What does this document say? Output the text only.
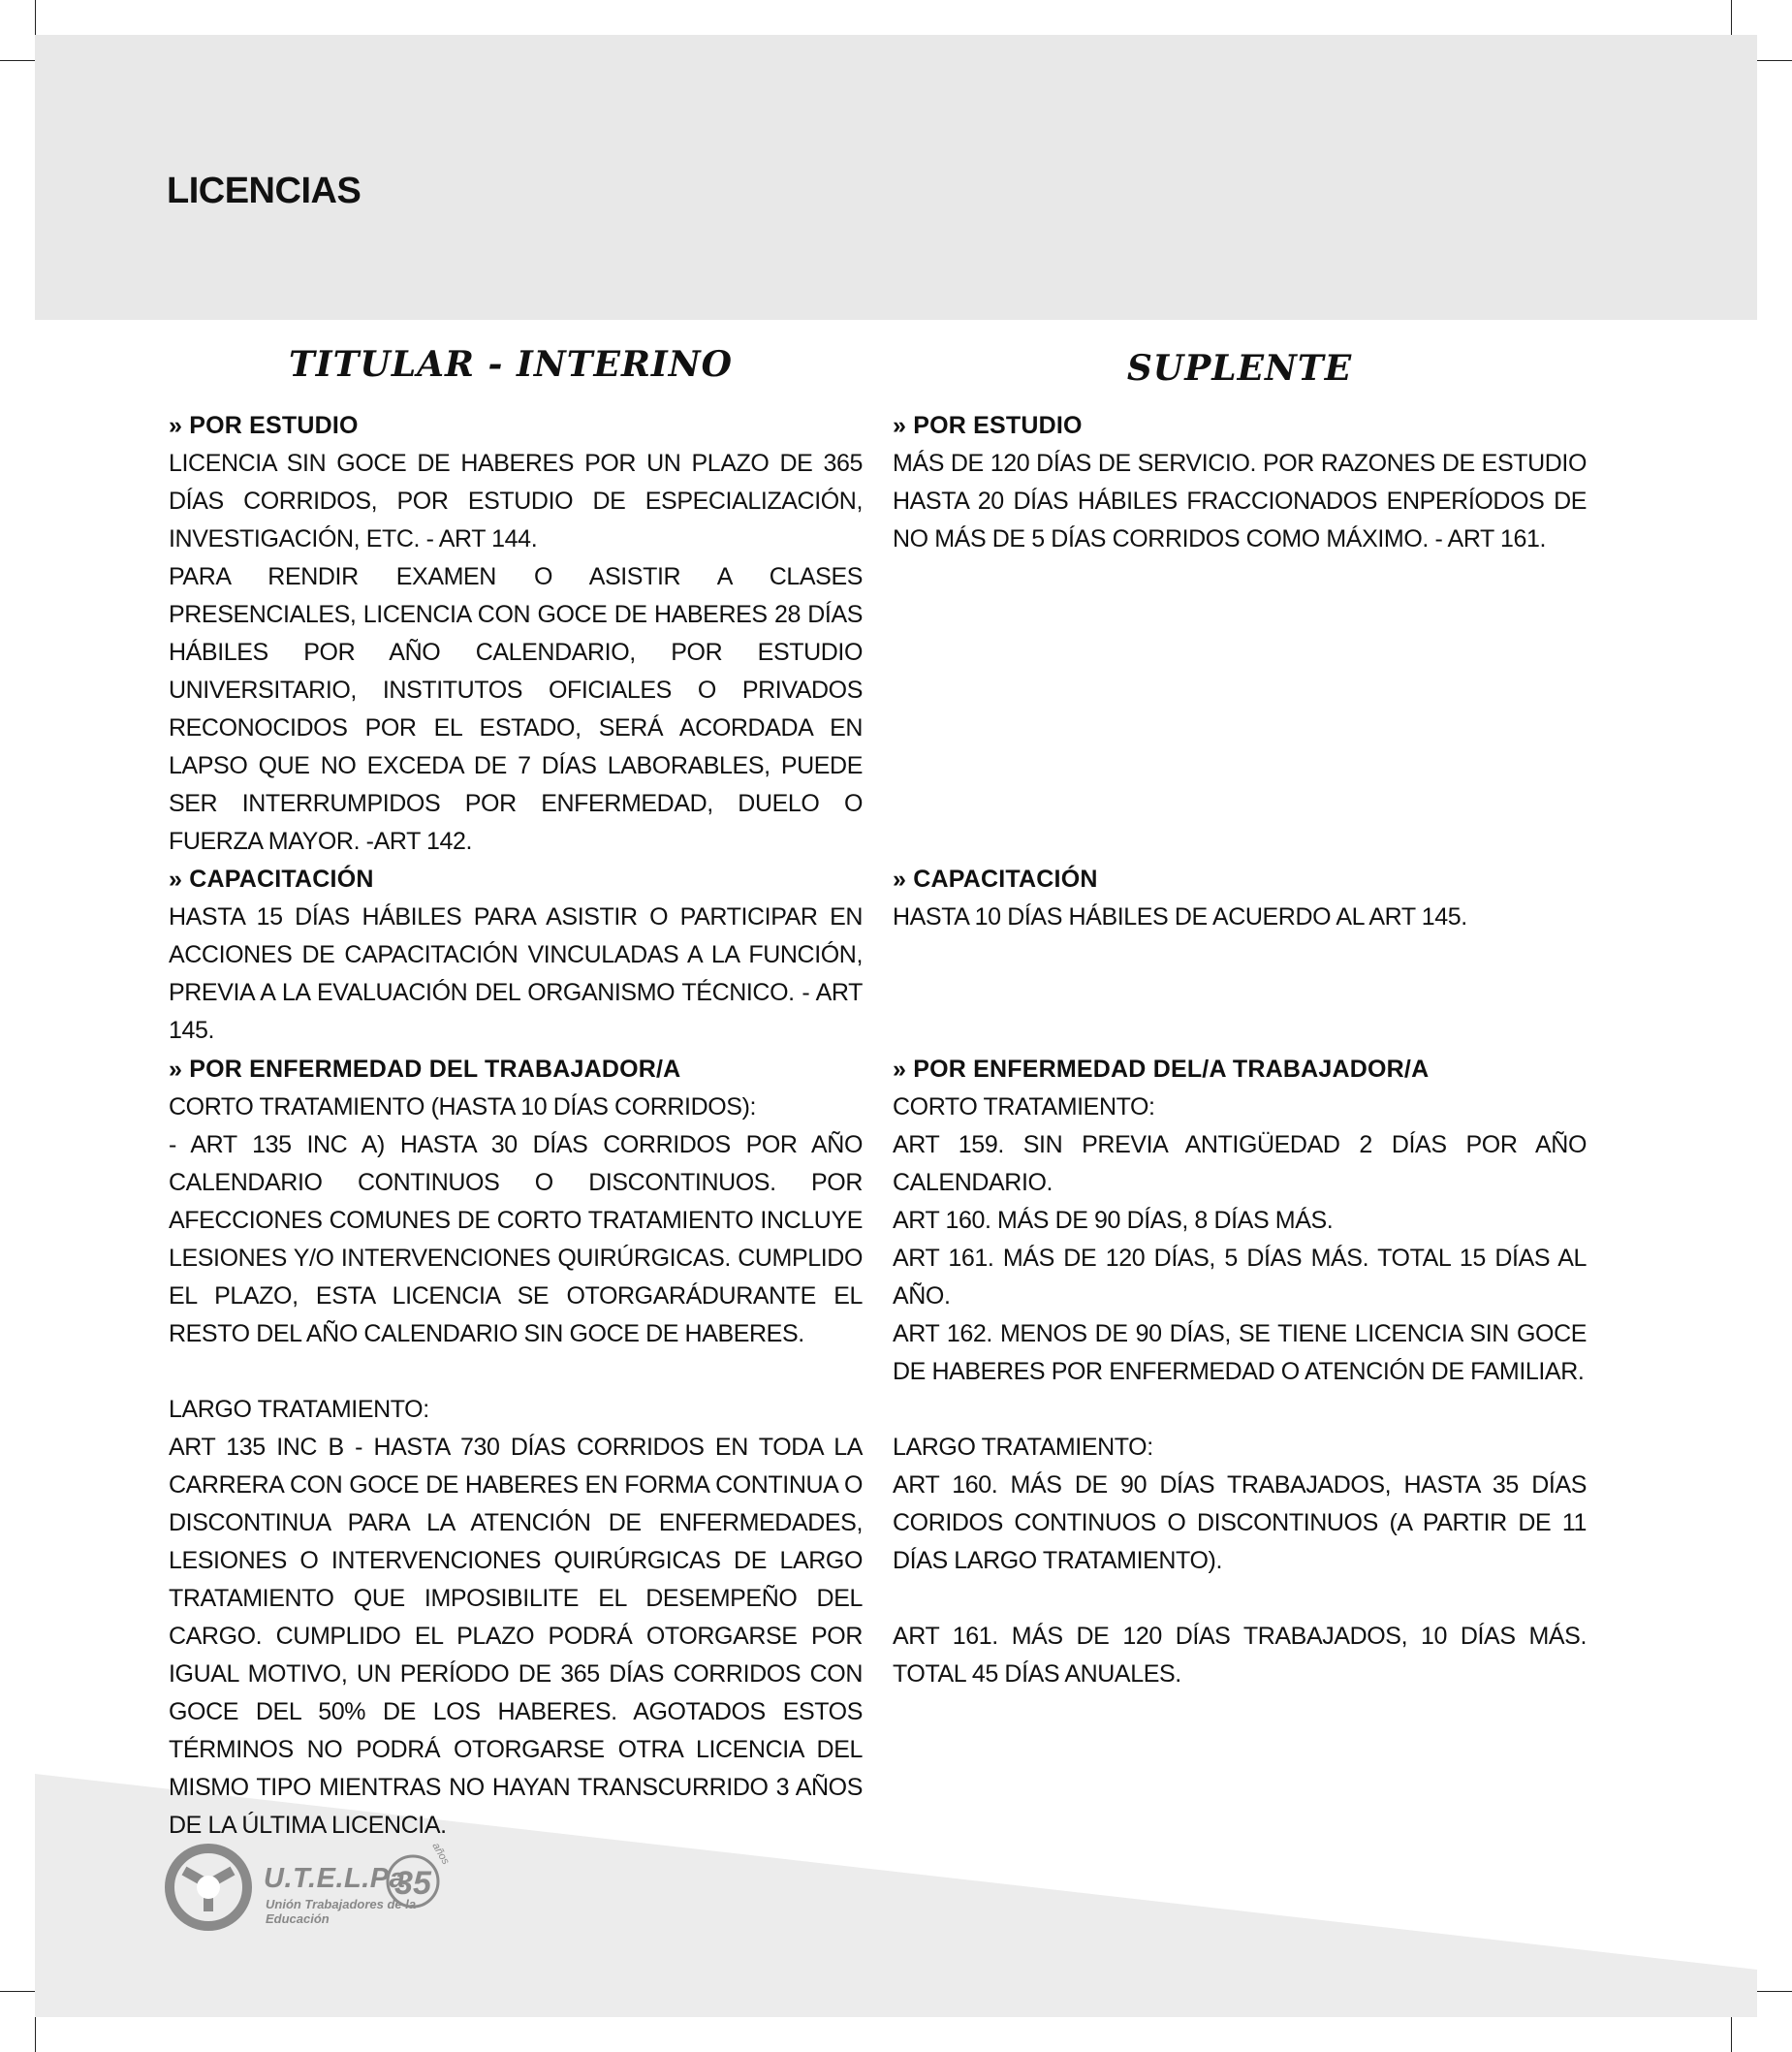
LICENCIAS
TITULAR - INTERINO
» POR ESTUDIO

LICENCIA SIN GOCE DE HABERES POR UN PLAZO DE 365 DÍAS CORRIDOS, POR ESTUDIO DE ESPECIALIZACIÓN, INVESTIGACIÓN, ETC. - ART 144.

PARA RENDIR EXAMEN O ASISTIR A CLASES PRESENCIALES, LICENCIA CON GOCE DE HABERES 28 DÍAS HÁBILES POR AÑO CALENDARIO, POR ESTUDIO UNIVERSITARIO, INSTITUTOS OFICIALES O PRIVADOS RECONOCIDOS POR EL ESTADO, SERÁ ACORDADA EN LAPSO QUE NO EXCEDA DE 7 DÍAS LABORABLES, PUEDE SER INTERRUMPIDOS POR ENFERMEDAD, DUELO O FUERZA MAYOR. -ART 142.

» CAPACITACIÓN

HASTA 15 DÍAS HÁBILES PARA ASISTIR O PARTICIPAR EN ACCIONES DE CAPACITACIÓN VINCULADAS A LA FUNCIÓN, PREVIA A LA EVALUACIÓN DEL ORGANISMO TÉCNICO. - ART 145.

» POR ENFERMEDAD DEL TRABAJADOR/A

CORTO TRATAMIENTO (HASTA 10 DÍAS CORRIDOS):

- ART 135 INC A) HASTA 30 DÍAS CORRIDOS POR AÑO CALENDARIO CONTINUOS O DISCONTINUOS. POR AFECCIONES COMUNES DE CORTO TRATAMIENTO INCLUYE LESIONES Y/O INTERVENCIONES QUIRÚRGICAS. CUMPLIDO EL PLAZO, ESTA LICENCIA SE OTORGARÁDURANTE EL RESTO DEL AÑO CALENDARIO SIN GOCE DE HABERES.

LARGO TRATAMIENTO:

ART 135 INC B - HASTA 730 DÍAS CORRIDOS EN TODA LA CARRERA CON GOCE DE HABERES EN FORMA CONTINUA O DISCONTINUA PARA LA ATENCIÓN DE ENFERMEDADES, LESIONES O INTERVENCIONES QUIRÚRGICAS DE LARGO TRATAMIENTO QUE IMPOSIBILITE EL DESEMPEÑO DEL CARGO. CUMPLIDO EL PLAZO PODRÁ OTORGARSE POR IGUAL MOTIVO, UN PERÍODO DE 365 DÍAS CORRIDOS CON GOCE DEL 50% DE LOS HABERES. AGOTADOS ESTOS TÉRMINOS NO PODRÁ OTORGARSE OTRA LICENCIA DEL MISMO TIPO MIENTRAS NO HAYAN TRANSCURRIDO 3 AÑOS DE LA ÚLTIMA LICENCIA.

SUPLENTE
» POR ESTUDIO

MÁS DE 120 DÍAS DE SERVICIO. POR RAZONES DE ESTUDIO HASTA 20 DÍAS HÁBILES FRACCIONADOS ENPERÍODOS DE NO MÁS DE 5 DÍAS CORRIDOS COMO MÁXIMO. - ART 161.

» CAPACITACIÓN

HASTA 10 DÍAS HÁBILES DE ACUERDO AL ART 145.

» POR ENFERMEDAD DEL/A TRABAJADOR/A

CORTO TRATAMIENTO:

ART 159. SIN PREVIA ANTIGÜEDAD 2 DÍAS POR AÑO CALENDARIO.

ART 160. MÁS DE 90 DÍAS, 8 DÍAS MÁS.

ART 161. MÁS DE 120 DÍAS, 5 DÍAS MÁS. TOTAL 15 DÍAS AL AÑO.

ART 162. MENOS DE 90 DÍAS, SE TIENE LICENCIA SIN GOCE DE HABERES POR ENFERMEDAD O ATENCIÓN DE FAMILIAR.

LARGO TRATAMIENTO:

ART 160. MÁS DE 90 DÍAS TRABAJADOS, HASTA 35 DÍAS CORIDOS CONTINUOS O DISCONTINUOS (A PARTIR DE 11 DÍAS LARGO TRATAMIENTO).

ART 161. MÁS DE 120 DÍAS TRABAJADOS, 10 DÍAS MÁS. TOTAL 45 DÍAS ANUALES.

U.T.E.L.Pa
Unión Trabajadores de la Educación
35
años
